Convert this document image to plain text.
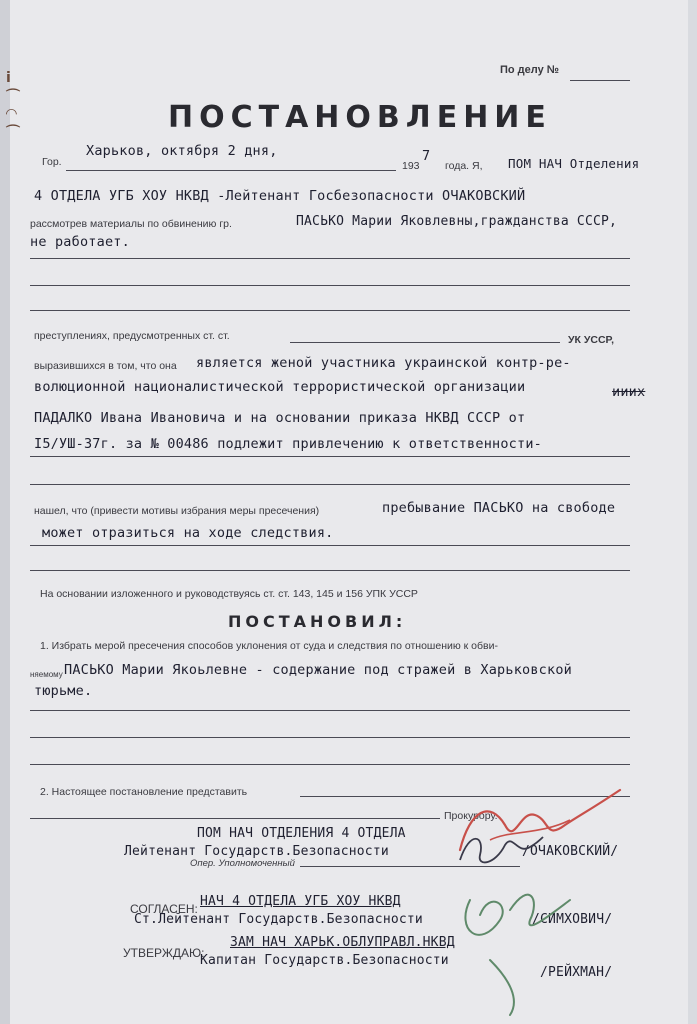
ⅰ
⌒
◠
⌒
По делу №
ПОСТАНОВЛЕНИЕ
Гор.
Харьков, октября 2 дня,
193
7
года. Я, ПОМ НАЧ Отделения
4 ОТДЕЛА УГБ ХОУ НКВД -Лейтенант Госбезопасности ОЧАКОВСКИЙ
рассмотрев материалы по обвинению гр.	ПАСЬКО Марии Яковлевны,гражданства СССР,
не работает.
преступлениях, предусмотренных ст. ст.	УК УССР,
выразившихся в том, что она является женой участника украинской контр-ре-
волюционной националистической террористической организации	ииих
ПАДАЛКО Ивана Ивановича и на основании приказа НКВД СССР от
I5/УШ-37г. за № 00486 подлежит привлечению к ответственности-
нашел, что (привести мотивы избрания меры пресечения)	пребывание ПАСЬКО на свободе
может отразиться на ходе следствия.
На основании изложенного и руководствуясь ст. ст. 143, 145 и 156 УПК УССР
ПОСТАНОВИЛ:
1. Избрать мерой пресечения способов уклонения от суда и следствия по отношению к обви-
няемому ПАСЬКО Марии Якоьлевне - содержание под стражей в Харьковской
тюрьме.
2. Настоящее постановление представить
Прокурору.
ПОМ НАЧ ОТДЕЛЕНИЯ 4 ОТДЕЛА
Лейтенант Государств.Безопасности
Опер. Уполномоченный
/ОЧАКОВСКИЙ/
СОГЛАСЕН: НАЧ 4 ОТДЕЛА УГБ ХОУ НКВД
Ст.Лейтенант Государств.Безопасности	/СИМХОВИЧ/
УТВЕРЖДАЮ:
ЗАМ НАЧ ХАРЬК.ОБЛУПРАВЛ.НКВД
Капитан Государств.Безопасности
/РЕЙХМАН/
